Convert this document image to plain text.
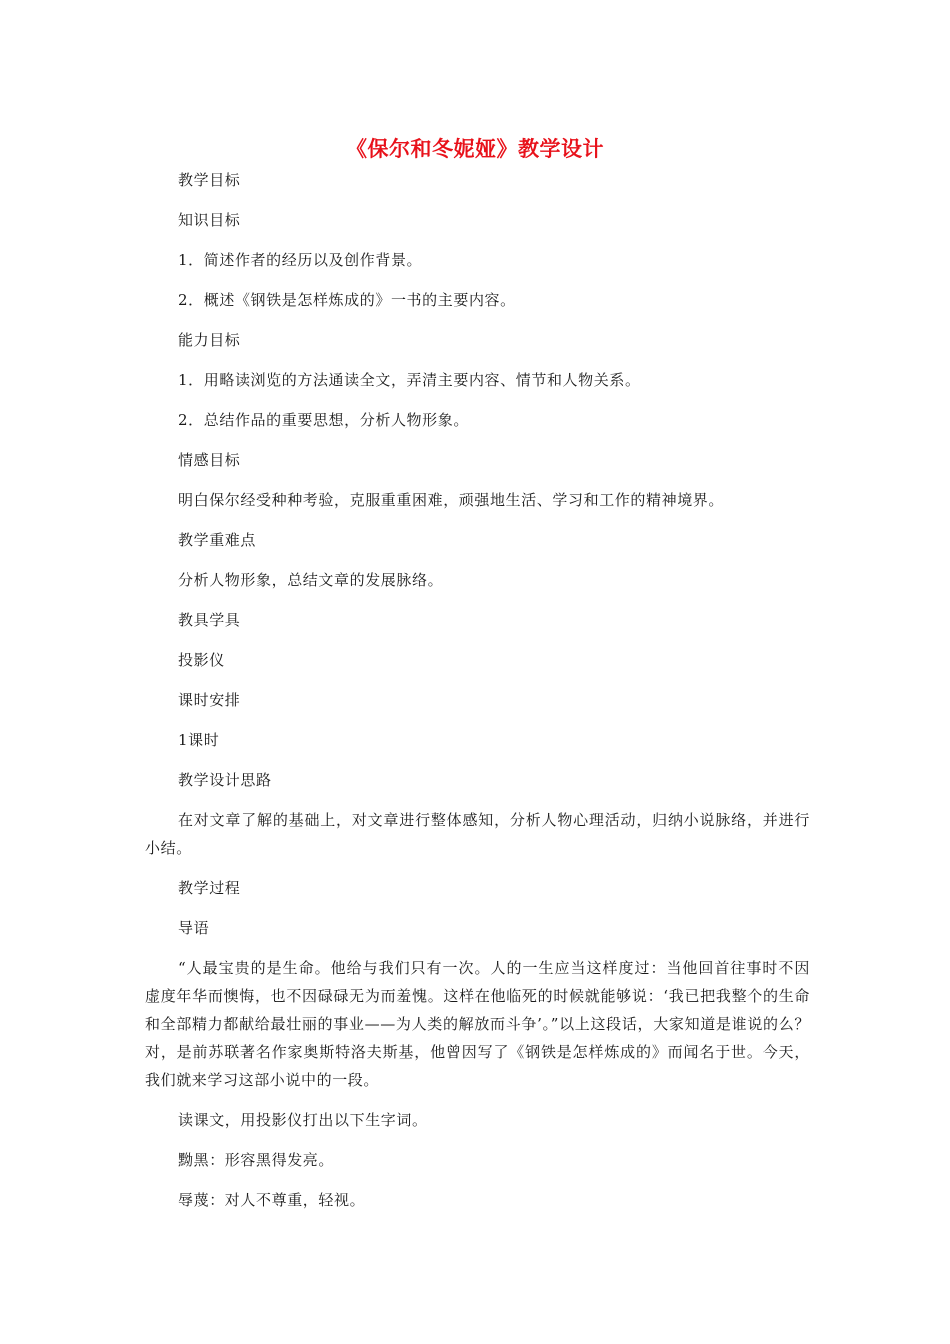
《保尔和冬妮娅》教学设计

教学目标

知识目标

1．简述作者的经历以及创作背景。

2．概述《钢铁是怎样炼成的》一书的主要内容。

能力目标

1．用略读浏览的方法通读全文，弄清主要内容、情节和人物关系。

2．总结作品的重要思想，分析人物形象。

情感目标

明白保尔经受种种考验，克服重重困难，顽强地生活、学习和工作的精神境界。

教学重难点

分析人物形象，总结文章的发展脉络。

教具学具

投影仪

课时安排

1课时

教学设计思路

在对文章了解的基础上，对文章进行整体感知，分析人物心理活动，归纳小说脉络，并进行小结。

教学过程

导语

“人最宝贵的是生命。他给与我们只有一次。人的一生应当这样度过：当他回首往事时不因虚度年华而懊悔，也不因碌碌无为而羞愧。这样在他临死的时候就能够说：‘我已把我整个的生命和全部精力都献给最壮丽的事业——为人类的解放而斗争’。”以上这段话，大家知道是谁说的么？对，是前苏联著名作家奥斯特洛夫斯基，他曾因写了《钢铁是怎样炼成的》而闻名于世。今天，我们就来学习这部小说中的一段。

读课文，用投影仪打出以下生字词。

黝黑：形容黑得发亮。

辱蔑：对人不尊重，轻视。
